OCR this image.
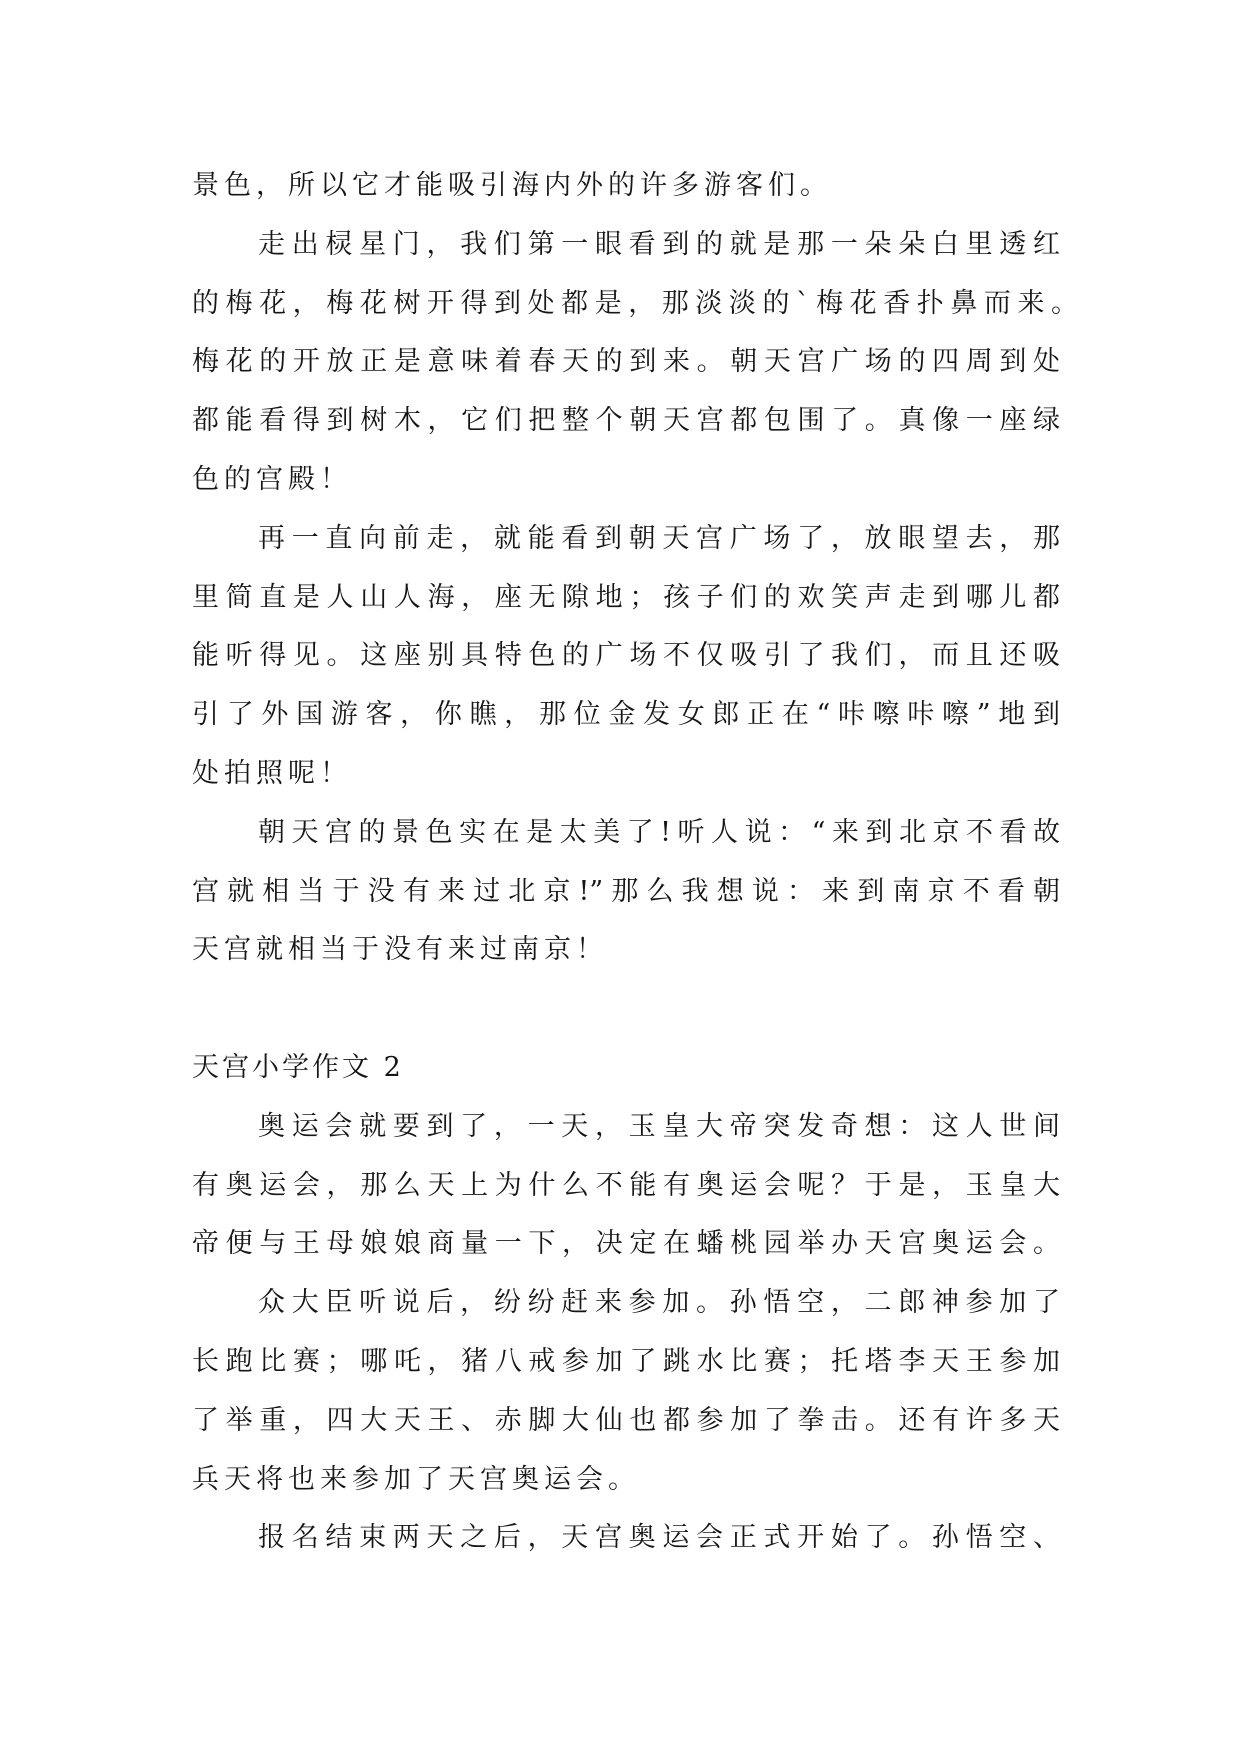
景色，所以它才能吸引海内外的许多游客们。
走出棂星门，我们第一眼看到的就是那一朵朵白里透红
的梅花，梅花树开得到处都是，那淡淡的`梅花香扑鼻而来。
梅花的开放正是意味着春天的到来。朝天宫广场的四周到处
都能看得到树木，它们把整个朝天宫都包围了。真像一座绿
色的宫殿！
再一直向前走，就能看到朝天宫广场了，放眼望去，那
里简直是人山人海，座无隙地；孩子们的欢笑声走到哪儿都
能听得见。这座别具特色的广场不仅吸引了我们，而且还吸
引了外国游客，你瞧，那位金发女郎正在“咔嚓咔嚓”地到
处拍照呢！
朝天宫的景色实在是太美了!听人说：“来到北京不看故
宫就相当于没有来过北京!”那么我想说：来到南京不看朝
天宫就相当于没有来过南京！
天宫小学作文 2
奥运会就要到了，一天，玉皇大帝突发奇想：这人世间
有奥运会，那么天上为什么不能有奥运会呢？于是，玉皇大
帝便与王母娘娘商量一下，决定在蟠桃园举办天宫奥运会。
众大臣听说后，纷纷赶来参加。孙悟空，二郎神参加了
长跑比赛；哪吒，猪八戒参加了跳水比赛；托塔李天王参加
了举重，四大天王、赤脚大仙也都参加了拳击。还有许多天
兵天将也来参加了天宫奥运会。
报名结束两天之后，天宫奥运会正式开始了。孙悟空、
